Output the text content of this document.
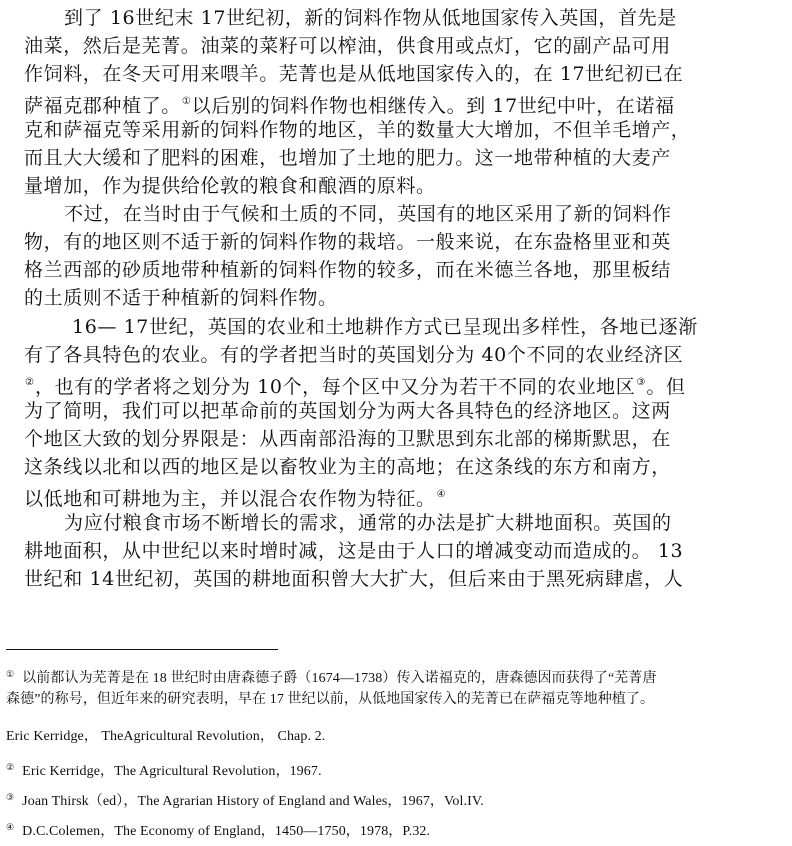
到了 16世纪末 17世纪初，新的饲料作物从低地国家传入英国，首先是
油菜，然后是芜菁。油菜的菜籽可以榨油，供食用或点灯，它的副产品可用
作饲料，在冬天可用来喂羊。芜菁也是从低地国家传入的，在 17世纪初已在
萨福克郡种植了。①以后别的饲料作物也相继传入。到 17世纪中叶，在诺福
克和萨福克等采用新的饲料作物的地区，羊的数量大大增加，不但羊毛增产，
而且大大缓和了肥料的困难，也增加了土地的肥力。这一地带种植的大麦产
量增加，作为提供给伦敦的粮食和酿酒的原料。
不过，在当时由于气候和土质的不同，英国有的地区采用了新的饲料作
物，有的地区则不适于新的饲料作物的栽培。一般来说，在东盎格里亚和英
格兰西部的砂质地带种植新的饲料作物的较多，而在米德兰各地，那里板结
的土质则不适于种植新的饲料作物。
16— 17世纪，英国的农业和土地耕作方式已呈现出多样性，各地已逐渐
有了各具特色的农业。有的学者把当时的英国划分为 40个不同的农业经济区
②，也有的学者将之划分为 10个，每个区中又分为若干不同的农业地区③。但
为了简明，我们可以把革命前的英国划分为两大各具特色的经济地区。这两
个地区大致的划分界限是：从西南部沿海的卫默思到东北部的梯斯默思，在
这条线以北和以西的地区是以畜牧业为主的高地；在这条线的东方和南方，
以低地和可耕地为主，并以混合农作物为特征。④
为应付粮食市场不断增长的需求，通常的办法是扩大耕地面积。英国的
耕地面积，从中世纪以来时增时减，这是由于人口的增减变动而造成的。 13
世纪和 14世纪初，英国的耕地面积曾大大扩大，但后来由于黑死病肆虐，人
① 以前都认为芜菁是在 18 世纪时由唐森德子爵（1674—1738）传入诺福克的，唐森德因而获得了“芜菁唐
森德”的称号，但近年来的研究表明，早在 17 世纪以前，从低地国家传入的芜菁已在萨福克等地种植了。
Eric Kerridge， TheAgricultural Revolution， Chap. 2.
② Eric Kerridge，The Agricultural Revolution，1967.
③ Joan Thirsk（ed），The Agrarian History of England and Wales，1967，Vol.IV.
④ D.C.Colemen，The Economy of England，1450—1750，1978，P.32.
